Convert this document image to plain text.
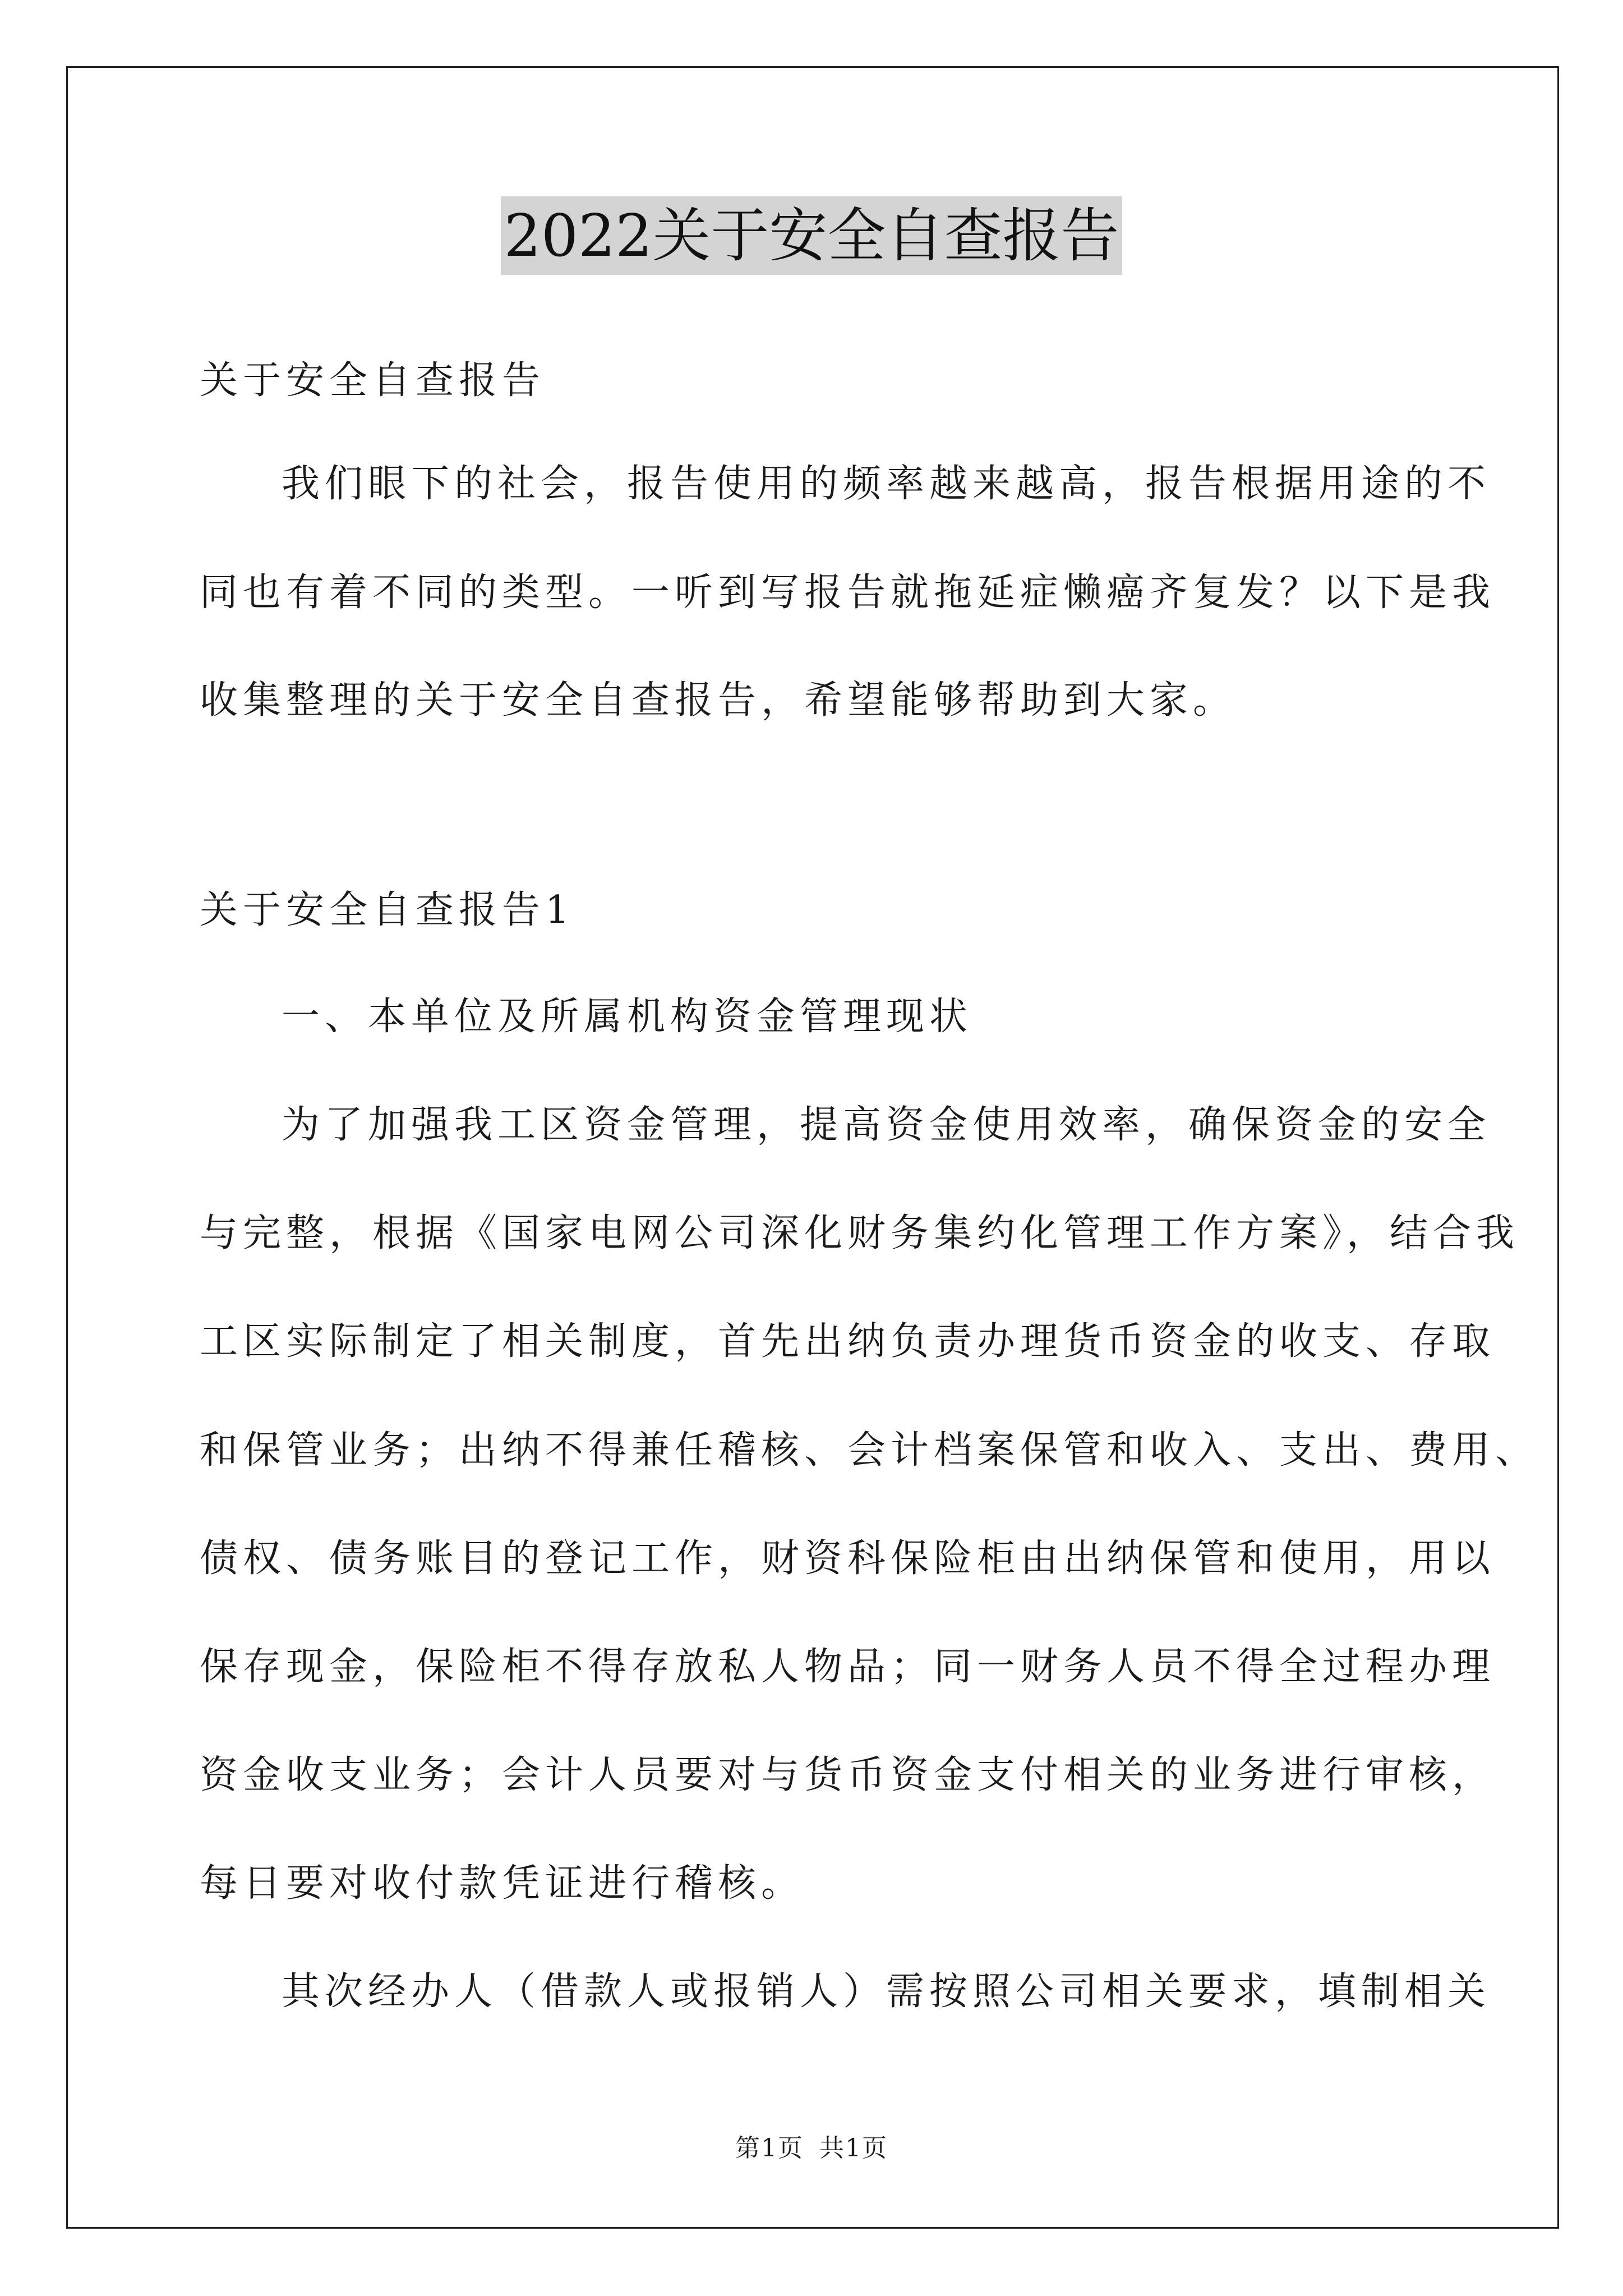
2022关于安全自查报告
关于安全自查报告
我们眼下的社会，报告使用的频率越来越高，报告根据用途的不
同也有着不同的类型。一听到写报告就拖延症懒癌齐复发？以下是我
收集整理的关于安全自查报告，希望能够帮助到大家。
关于安全自查报告1
一、本单位及所属机构资金管理现状
为了加强我工区资金管理，提高资金使用效率，确保资金的安全
与完整，根据《国家电网公司深化财务集约化管理工作方案》，结合我
工区实际制定了相关制度，首先出纳负责办理货币资金的收支、存取
和保管业务；出纳不得兼任稽核、会计档案保管和收入、支出、费用、
债权、债务账目的登记工作，财资科保险柜由出纳保管和使用，用以
保存现金，保险柜不得存放私人物品；同一财务人员不得全过程办理
资金收支业务；会计人员要对与货币资金支付相关的业务进行审核，
每日要对收付款凭证进行稽核。
其次经办人（借款人或报销人）需按照公司相关要求，填制相关
第1页 共1页
